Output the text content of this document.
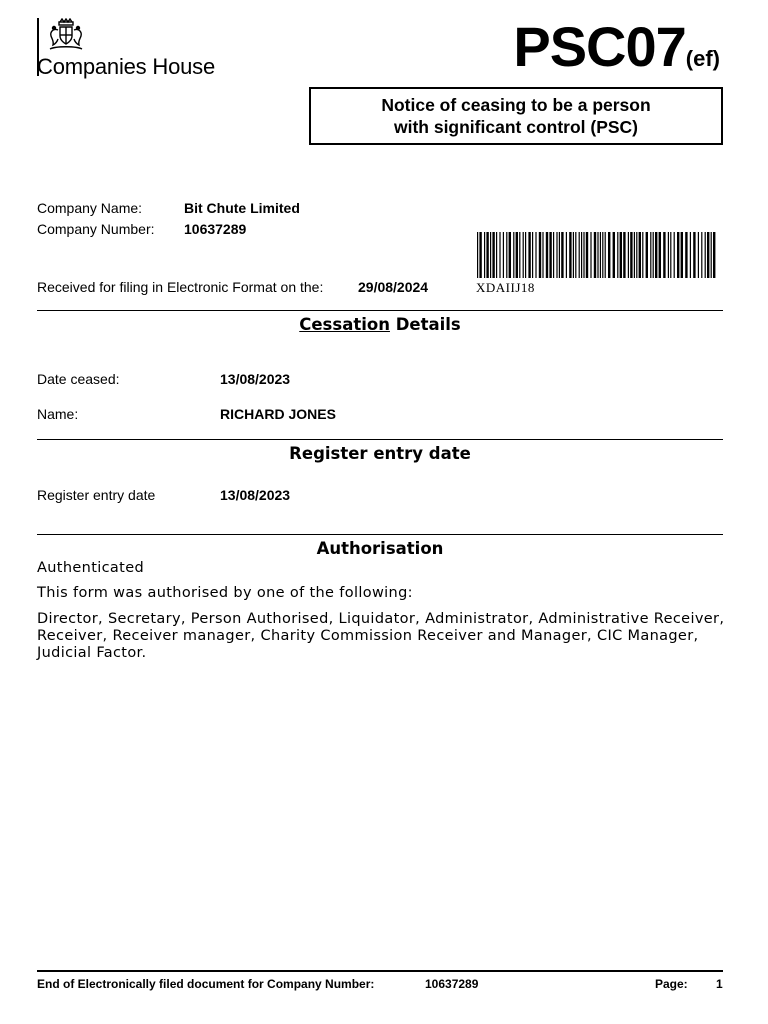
Companies House	PSC07(ef)
Notice of ceasing to be a person
with significant control (PSC)
Company Name:	Bit Chute Limited
Company Number: 10637289
XDAIIJ18
Received for filing in Electronic Format on the: 29/08/2024
Cessation Details
Date ceased:	13/08/2023
Name:	RICHARD JONES
Register entry date
Register entry date	13/08/2023
Authorisation
Authenticated
This form was authorised by one of the following:
Director, Secretary, Person Authorised, Liquidator, Administrator, Administrative Receiver,
Receiver, Receiver manager, Charity Commission Receiver and Manager, CIC Manager,
Judicial Factor.
End of Electronically filed document for Company Number:	10637289	Page: 1
